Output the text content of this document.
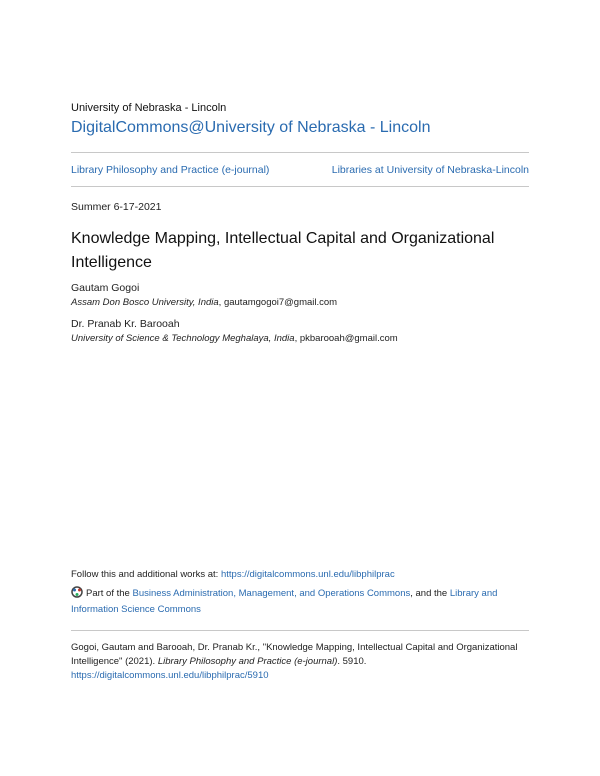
University of Nebraska - Lincoln
DigitalCommons@University of Nebraska - Lincoln
Library Philosophy and Practice (e-journal)	Libraries at University of Nebraska-Lincoln
Summer 6-17-2021
Knowledge Mapping, Intellectual Capital and Organizational Intelligence
Gautam Gogoi
Assam Don Bosco University, India, gautamgogoi7@gmail.com
Dr. Pranab Kr. Barooah
University of Science & Technology Meghalaya, India, pkbarooah@gmail.com
Follow this and additional works at: https://digitalcommons.unl.edu/libphilprac
Part of the Business Administration, Management, and Operations Commons, and the Library and Information Science Commons
Gogoi, Gautam and Barooah, Dr. Pranab Kr., "Knowledge Mapping, Intellectual Capital and Organizational Intelligence" (2021). Library Philosophy and Practice (e-journal). 5910.
https://digitalcommons.unl.edu/libphilprac/5910
